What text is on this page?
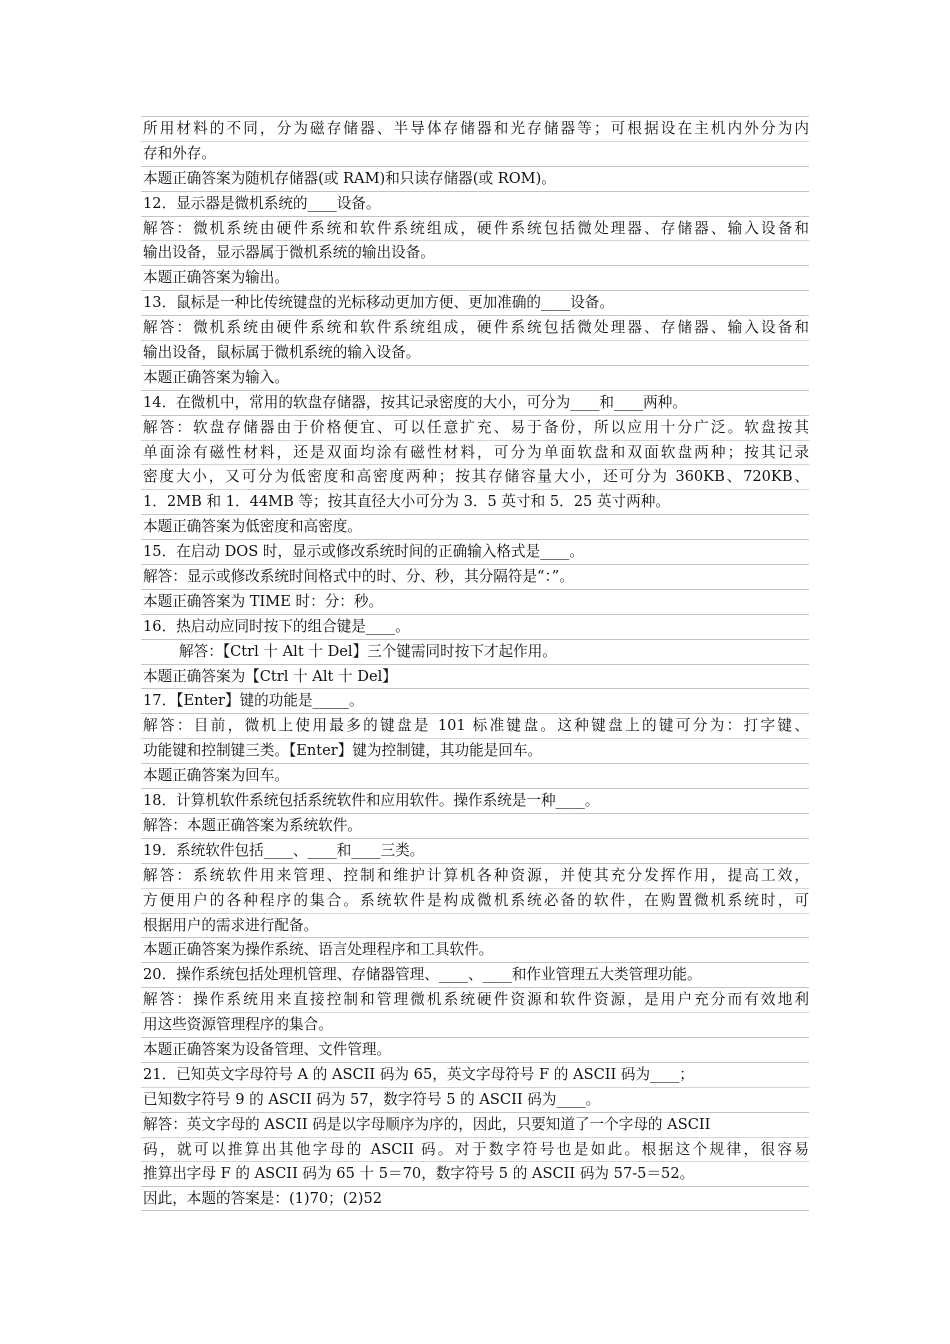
所用材料的不同，分为磁存储器、半导体存储器和光存储器等；可根据设在主机内外分为内
存和外存。
本题正确答案为随机存储器(或 RAM)和只读存储器(或 ROM)。
12．显示器是微机系统的____设备。
解答：微机系统由硬件系统和软件系统组成，硬件系统包括微处理器、存储器、输入设备和
输出设备，显示器属于微机系统的输出设备。
本题正确答案为输出。
13．鼠标是一种比传统键盘的光标移动更加方便、更加准确的____设备。
解答：微机系统由硬件系统和软件系统组成，硬件系统包括微处理器、存储器、输入设备和
输出设备，鼠标属于微机系统的输入设备。
本题正确答案为输入。
14．在微机中，常用的软盘存储器，按其记录密度的大小，可分为____和____两种。
解答：软盘存储器由于价格便宜、可以任意扩充、易于备份，所以应用十分广泛。软盘按其
单面涂有磁性材料，还是双面均涂有磁性材料，可分为单面软盘和双面软盘两种；按其记录
密度大小，又可分为低密度和高密度两种；按其存储容量大小，还可分为 360KB、720KB、
1．2MB 和 1．44MB 等；按其直径大小可分为 3．5 英寸和 5．25 英寸两种。
本题正确答案为低密度和高密度。
15．在启动 DOS 时，显示或修改系统时间的正确输入格式是____。
解答：显示或修改系统时间格式中的时、分、秒，其分隔符是“：”。
本题正确答案为 TIME 时：分：秒。
16．热启动应同时按下的组合键是____。
解答：【Ctrl 十 Alt 十 Del】三个键需同时按下才起作用。
本题正确答案为【Ctrl 十 Alt 十 Del】
17．【Enter】键的功能是_____。
解答：目前，微机上使用最多的键盘是 101 标准键盘。这种键盘上的键可分为：打字键、
功能键和控制键三类。【Enter】键为控制键，其功能是回车。
本题正确答案为回车。
18．计算机软件系统包括系统软件和应用软件。操作系统是一种____。
解答：本题正确答案为系统软件。
19．系统软件包括____、____和____三类。
解答：系统软件用来管理、控制和维护计算机各种资源，并使其充分发挥作用，提高工效，
方便用户的各种程序的集合。系统软件是构成微机系统必备的软件，在购置微机系统时，可
根据用户的需求进行配备。
本题正确答案为操作系统、语言处理程序和工具软件。
20．操作系统包括处理机管理、存储器管理、____、____和作业管理五大类管理功能。
解答：操作系统用来直接控制和管理微机系统硬件资源和软件资源，是用户充分而有效地利
用这些资源管理程序的集合。
本题正确答案为设备管理、文件管理。
21．已知英文字母符号 A 的 ASCII 码为 65，英文字母符号 F 的 ASCII 码为____；
已知数字符号 9 的 ASCII 码为 57，数字符号 5 的 ASCII 码为____。
解答：英文字母的 ASCII 码是以字母顺序为序的，因此，只要知道了一个字母的 ASCII
码，就可以推算出其他字母的 ASCII 码。对于数字符号也是如此。根据这个规律，很容易
推算出字母 F 的 ASCII 码为 65 十 5＝70，数字符号 5 的 ASCII 码为 57-5＝52。
因此，本题的答案是：(1)70；(2)52
